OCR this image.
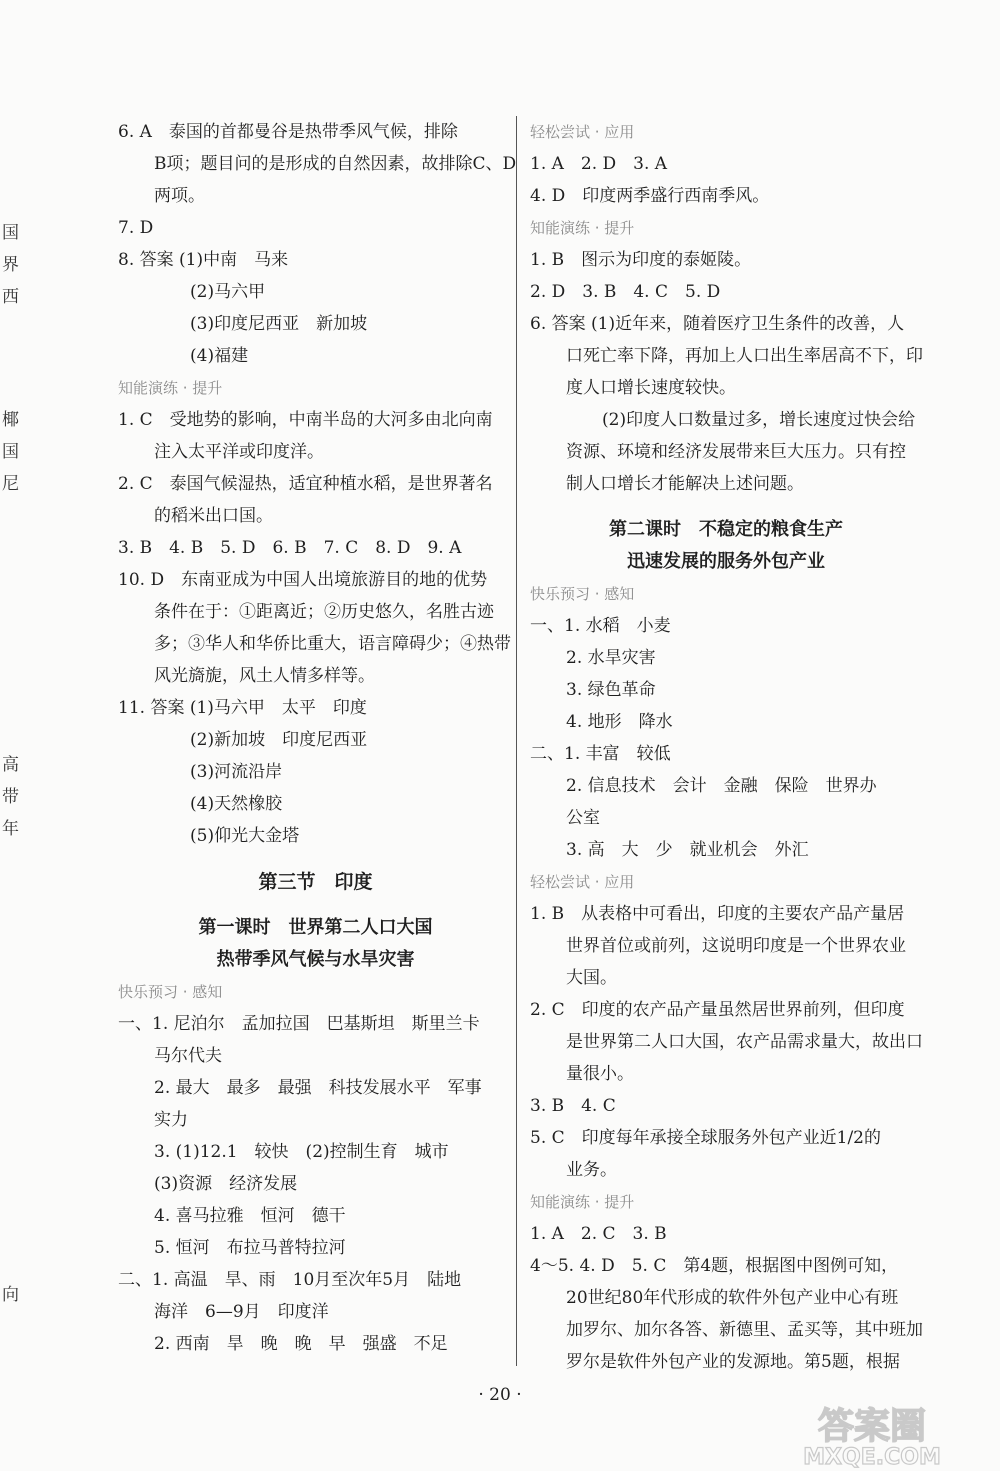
国
界
西
椰
国
尼
高
带
年
向
6. A　泰国的首都曼谷是热带季风气候，排除
B项；题目问的是形成的自然因素，故排除C、D
两项。
7. D
8. 答案 (1)中南　马来
(2)马六甲
(3)印度尼西亚　新加坡
(4)福建
知能演练 · 提升
1. C　受地势的影响，中南半岛的大河多由北向南
注入太平洋或印度洋。
2. C　泰国气候湿热，适宜种植水稻，是世界著名
的稻米出口国。
3. B　4. B　5. D　6. B　7. C　8. D　9. A
10. D　东南亚成为中国人出境旅游目的地的优势
条件在于：①距离近；②历史悠久，名胜古迹
多；③华人和华侨比重大，语言障碍少；④热带
风光旖旎，风土人情多样等。
11. 答案 (1)马六甲　太平　印度
(2)新加坡　印度尼西亚
(3)河流沿岸
(4)天然橡胶
(5)仰光大金塔
第三节　印度
第一课时　世界第二人口大国
热带季风气候与水旱灾害
快乐预习 · 感知
一、1. 尼泊尔　孟加拉国　巴基斯坦　斯里兰卡
马尔代夫
2. 最大　最多　最强　科技发展水平　军事
实力
3. (1)12.1　较快　(2)控制生育　城市
(3)资源　经济发展
4. 喜马拉雅　恒河　德干
5. 恒河　布拉马普特拉河
二、1. 高温　旱、雨　10月至次年5月　陆地
海洋　6—9月　印度洋
2. 西南　旱　晚　晚　早　强盛　不足
轻松尝试 · 应用
1. A　2. D　3. A
4. D　印度两季盛行西南季风。
知能演练 · 提升
1. B　图示为印度的泰姬陵。
2. D　3. B　4. C　5. D
6. 答案 (1)近年来，随着医疗卫生条件的改善，人
口死亡率下降，再加上人口出生率居高不下，印
度人口增长速度较快。
(2)印度人口数量过多，增长速度过快会给
资源、环境和经济发展带来巨大压力。只有控
制人口增长才能解决上述问题。
第二课时　不稳定的粮食生产
迅速发展的服务外包产业
快乐预习 · 感知
一、1. 水稻　小麦
2. 水旱灾害
3. 绿色革命
4. 地形　降水
二、1. 丰富　较低
2. 信息技术　会计　金融　保险　世界办
公室
3. 高　大　少　就业机会　外汇
轻松尝试 · 应用
1. B　从表格中可看出，印度的主要农产品产量居
世界首位或前列，这说明印度是一个世界农业
大国。
2. C　印度的农产品产量虽然居世界前列，但印度
是世界第二人口大国，农产品需求量大，故出口
量很小。
3. B　4. C
5. C　印度每年承接全球服务外包产业近1/2的
业务。
知能演练 · 提升
1. A　2. C　3. B
4～5. 4. D　5. C　第4题，根据图中图例可知，
20世纪80年代形成的软件外包产业中心有班
加罗尔、加尔各答、新德里、孟买等，其中班加
罗尔是软件外包产业的发源地。第5题，根据
· 20 ·
答案圈
MXQE.COM
